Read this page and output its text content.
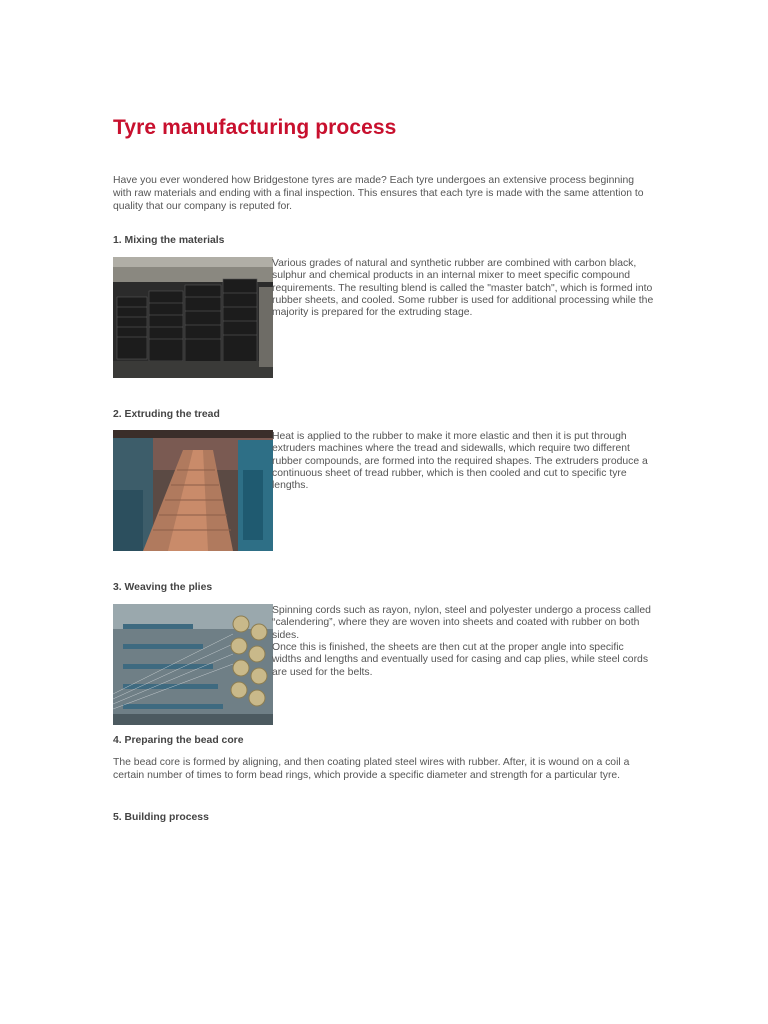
Tyre manufacturing process

Have you ever wondered how Bridgestone tyres are made? Each tyre undergoes an extensive process beginning with raw materials and ending with a final inspection. This ensures that each tyre is made with the same attention to quality that our company is reputed for.

1. Mixing the materials

Various grades of natural and synthetic rubber are combined with carbon black, sulphur and chemical products in an internal mixer to meet specific compound requirements. The resulting blend is called the "master batch", which is formed into rubber sheets, and cooled. Some rubber is used for additional processing while the majority is prepared for the extruding stage.

2. Extruding the tread

Heat is applied to the rubber to make it more elastic and then it is put through extruders machines where the tread and sidewalls, which require two different rubber compounds, are formed into the required shapes. The extruders produce a continuous sheet of tread rubber, which is then cooled and cut to specific tyre lengths.

3. Weaving the plies

Spinning cords such as rayon, nylon, steel and polyester undergo a process called “calendering”, where they are woven into sheets and coated with rubber on both sides.

Once this is finished, the sheets are then cut at the proper angle into specific widths and lengths and eventually used for casing and cap plies, while steel cords are used for the belts.

4. Preparing the bead core

The bead core is formed by aligning, and then coating plated steel wires with rubber. After, it is wound on a coil a certain number of times to form bead rings, which provide a specific diameter and strength for a particular tyre.

5. Building process
